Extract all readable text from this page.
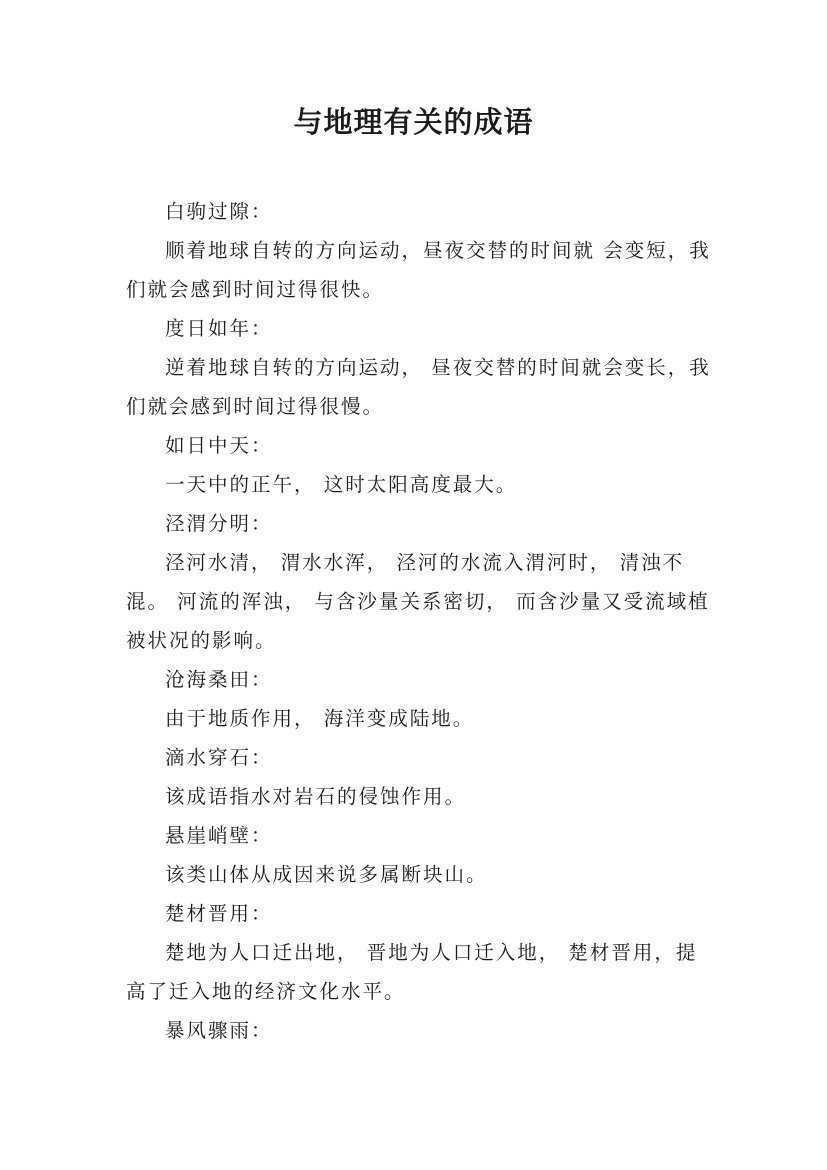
与地理有关的成语

白驹过隙：

顺着地球自转的方向运动，昼夜交替的时间就 会变短，我们就会感到时间过得很快。

度日如年：

逆着地球自转的方向运动， 昼夜交替的时间就会变长，我们就会感到时间过得很慢。

如日中天：

一天中的正午， 这时太阳高度最大。

泾渭分明：

泾河水清， 渭水水浑， 泾河的水流入渭河时， 清浊不混。 河流的浑浊， 与含沙量关系密切， 而含沙量又受流域植被状况的影响。

沧海桑田：

由于地质作用， 海洋变成陆地。

滴水穿石：

该成语指水对岩石的侵蚀作用。

悬崖峭壁：

该类山体从成因来说多属断块山。

楚材晋用：

楚地为人口迁出地， 晋地为人口迁入地， 楚材晋用，提高了迁入地的经济文化水平。

暴风骤雨：
